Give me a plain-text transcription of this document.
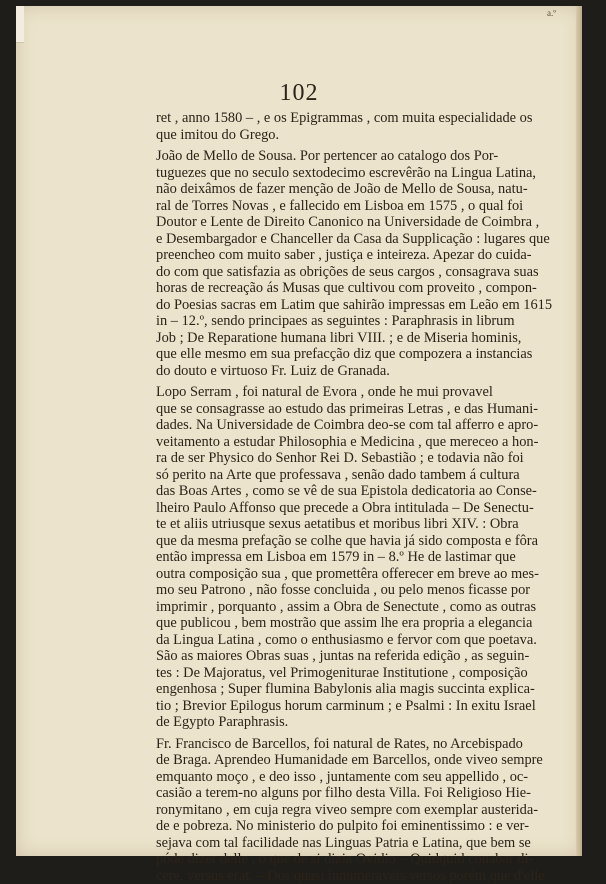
a.º
102

ret , anno 1580 – , e os Epigrammas , com muita especialidade os
que imitou do Grego.

João de Mello de Sousa. Por pertencer ao catalogo dos Por-
tuguezes que no seculo sextodecimo escrevêrão na Lingua Latina,
não deixâmos de fazer menção de João de Mello de Sousa, natu-
ral de Torres Novas , e fallecido em Lisboa em 1575 , o qual foi
Doutor e Lente de Direito Canonico na Universidade de Coimbra ,
e Desembargador e Chanceller da Casa da Supplicação : lugares que
preencheo com muito saber , justiça e inteireza. Apezar do cuida-
do com que satisfazia as obrições de seus cargos , consagrava suas
horas de recreação ás Musas que cultivou com proveito , compon-
do Poesias sacras em Latim que sahirão impressas em Leão em 1615
in – 12.º, sendo principaes as seguintes : Paraphrasis in librum
Job ; De Reparatione humana libri VIII. ; e de Miseria hominis,
que elle mesmo em sua prefacção diz que compozera a instancias
do douto e virtuoso Fr. Luiz de Granada.

Lopo Serram , foi natural de Evora , onde he mui provavel
que se consagrasse ao estudo das primeiras Letras , e das Humani-
dades. Na Universidade de Coimbra deo-se com tal afferro e apro-
veitamento a estudar Philosophia e Medicina , que mereceo a hon-
ra de ser Physico do Senhor Rei D. Sebastião ; e todavia não foi
só perito na Arte que professava , senão dado tambem á cultura
das Boas Artes , como se vê de sua Epistola dedicatoria ao Conse-
lheiro Paulo Affonso que precede a Obra intitulada – De Senectu-
te et aliis utriusque sexus aetatibus et moribus libri XIV. : Obra
que da mesma prefação se colhe que havia já sido composta e fôra
então impressa em Lisboa em 1579 in – 8.º He de lastimar que
outra composição sua , que promettêra offerecer em breve ao mes-
mo seu Patrono , não fosse concluida , ou pelo menos ficasse por
imprimir , porquanto , assim a Obra de Senectute , como as outras
que publicou , bem mostrão que assim lhe era propria a elegancia
da Lingua Latina , como o enthusiasmo e fervor com que poetava.
São as maiores Obras suas , juntas na referida edição , as seguin-
tes : De Majoratus, vel Primogeniturae Institutione , composição
engenhosa ; Super flumina Babylonis alia magis succinta explica-
tio ; Brevior Epilogus horum carminum ; e Psalmi : In exitu Israel
de Egypto Paraphrasis.

Fr. Francisco de Barcellos, foi natural de Rates, no Arcebispado
de Braga. Aprendeo Humanidade em Barcellos, onde viveo sempre
emquanto moço , e deo isso , juntamente com seu appellido , oc-
casião a terem-no alguns por filho desta Villa. Foi Religioso Hie-
ronymitano , em cuja regra viveo sempre com exemplar austerida-
de e pobreza. No ministerio do pulpito foi eminentissimo : e ver-
sejava com tal facilidade nas Linguas Patria e Latina, que bem se
póde dizer delle , o que de si dizia Ovidio – Quidquid conabar di-
cere, versus erat. – Dos quasi innumeraveis versos porém que d'elle
